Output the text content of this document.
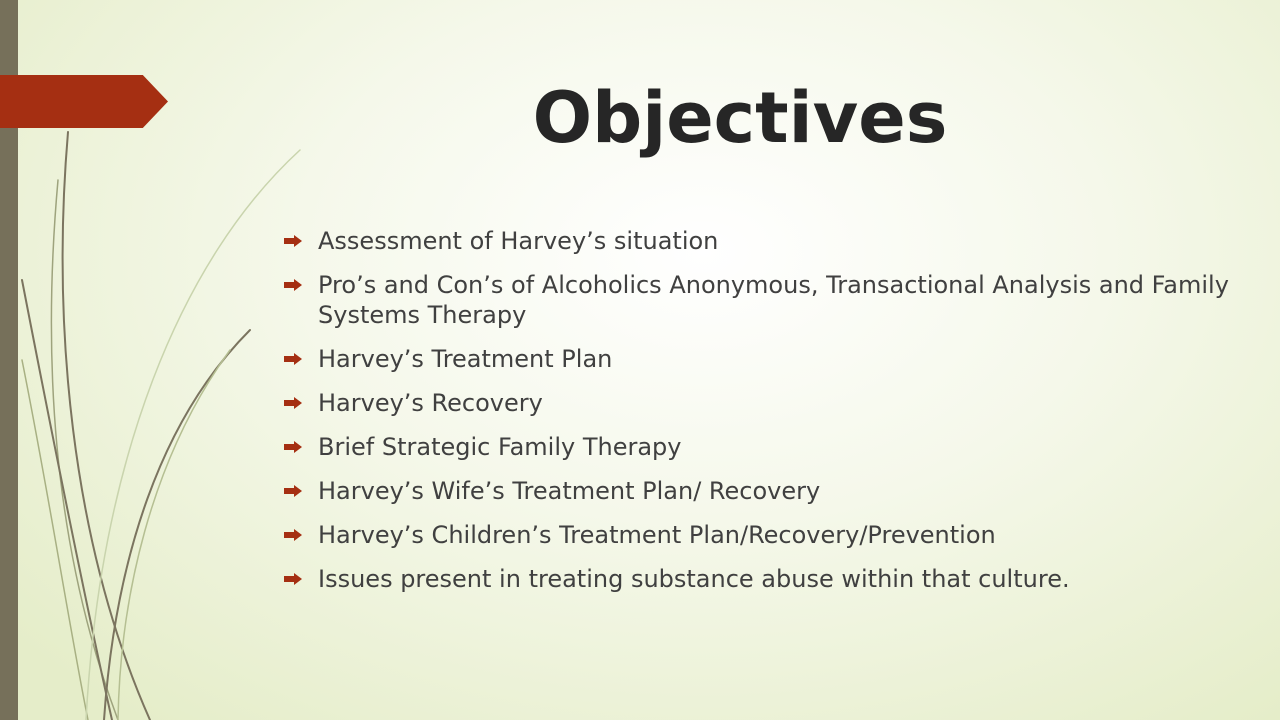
Objectives
Assessment of Harvey’s situation
Pro’s and Con’s of Alcoholics Anonymous, Transactional Analysis and Family Systems Therapy
Harvey’s Treatment Plan
Harvey’s Recovery
Brief Strategic Family Therapy
Harvey’s Wife’s Treatment Plan/ Recovery
Harvey’s Children’s Treatment Plan/Recovery/Prevention
Issues present in treating substance abuse within that culture.
